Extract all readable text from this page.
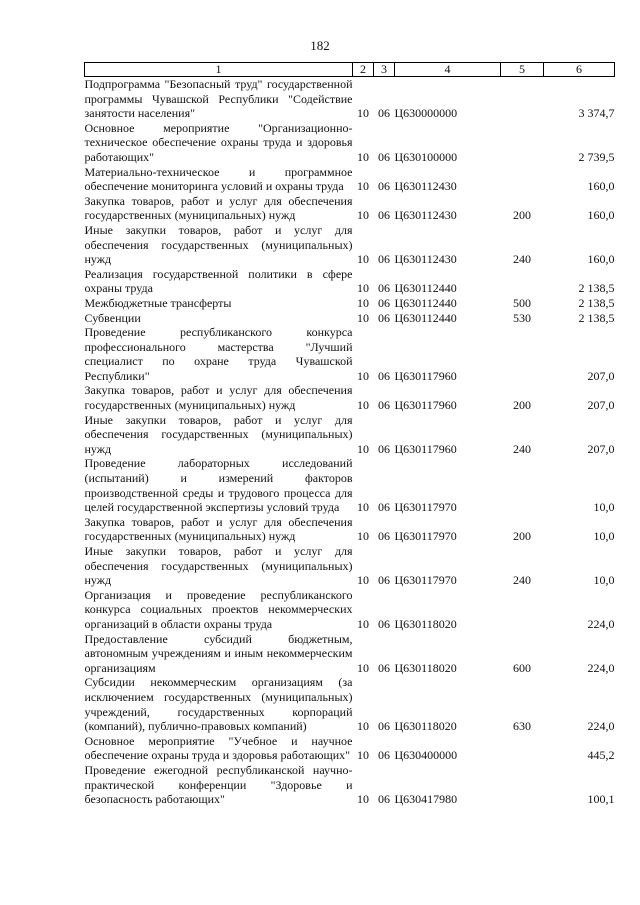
182
1	2	3	4	5	6
Подпрограмма "Безопасный труд" государственной программы Чувашской Республики "Содействие занятости населения"	10	06	Ц630000000		3 374,7
Основное мероприятие "Организационно-техническое обеспечение охраны труда и здоровья работающих"	10	06	Ц630100000		2 739,5
Материально-техническое и программное обеспечение мониторинга условий и охраны труда	10	06	Ц630112430		160,0
Закупка товаров, работ и услуг для обеспечения государственных (муниципальных) нужд	10	06	Ц630112430	200	160,0
Иные закупки товаров, работ и услуг для обеспечения государственных (муниципальных) нужд	10	06	Ц630112430	240	160,0
Реализация государственной политики в сфере охраны труда	10	06	Ц630112440		2 138,5
Межбюджетные трансферты	10	06	Ц630112440	500	2 138,5
Субвенции	10	06	Ц630112440	530	2 138,5
Проведение республиканского конкурса профессионального мастерства "Лучший специалист по охране труда Чувашской Республики"	10	06	Ц630117960		207,0
Закупка товаров, работ и услуг для обеспечения государственных (муниципальных) нужд	10	06	Ц630117960	200	207,0
Иные закупки товаров, работ и услуг для обеспечения государственных (муниципальных) нужд	10	06	Ц630117960	240	207,0
Проведение лабораторных исследований (испытаний) и измерений факторов производственной среды и трудового процесса для целей государственной экспертизы условий труда	10	06	Ц630117970		10,0
Закупка товаров, работ и услуг для обеспечения государственных (муниципальных) нужд	10	06	Ц630117970	200	10,0
Иные закупки товаров, работ и услуг для обеспечения государственных (муниципальных) нужд	10	06	Ц630117970	240	10,0
Организация и проведение республиканского конкурса социальных проектов некоммерческих организаций в области охраны труда	10	06	Ц630118020		224,0
Предоставление субсидий бюджетным, автономным учреждениям и иным некоммерческим организациям	10	06	Ц630118020	600	224,0
Субсидии некоммерческим организациям (за исключением государственных (муниципальных) учреждений, государственных корпораций (компаний), публично-правовых компаний)	10	06	Ц630118020	630	224,0
Основное мероприятие "Учебное и научное обеспечение охраны труда и здоровья работающих"	10	06	Ц630400000		445,2
Проведение ежегодной республиканской научно-практической конференции "Здоровье и безопасность работающих"	10	06	Ц630417980		100,1
